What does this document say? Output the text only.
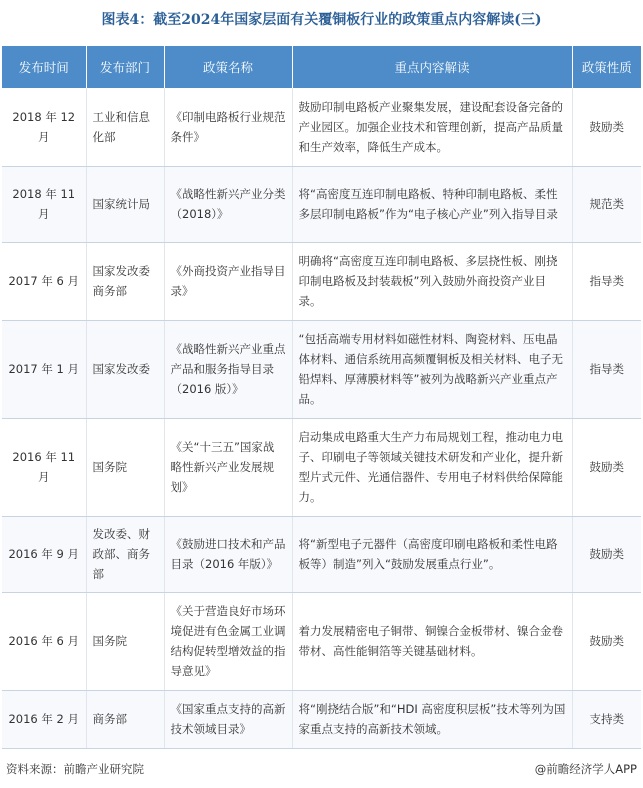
图表4：截至2024年国家层面有关覆铜板行业的政策重点内容解读(三)
发布时间	发布部门	政策名称	重点内容解读	政策性质
2018 年 12 月	工业和信息化部	《印制电路板行业规范条件》	鼓励印制电路板产业聚集发展，建设配套设备完备的产业园区。加强企业技术和管理创新，提高产品质量和生产效率，降低生产成本。	鼓励类
2018 年 11 月	国家统计局	《战略性新兴产业分类（2018）》	将“高密度互连印制电路板、特种印制电路板、柔性多层印制电路板”作为“电子核心产业”列入指导目录	规范类
2017 年 6 月	国家发改委商务部	《外商投资产业指导目录》	明确将“高密度互连印制电路板、多层挠性板、刚挠印制电路板及封装载板”列入鼓励外商投资产业目录。	指导类
2017 年 1 月	国家发改委	《战略性新兴产业重点产品和服务指导目录（2016 版）》	“包括高端专用材料如磁性材料、陶瓷材料、压电晶体材料、通信系统用高频覆铜板及相关材料、电子无铅焊料、厚薄膜材料等”被列为战略新兴产业重点产品。	指导类
2016 年 11 月	国务院	《关“十三五”国家战略性新兴产业发展规划》	启动集成电路重大生产力布局规划工程，推动电力电子、印刷电子等领域关键技术研发和产业化，提升新型片式元件、光通信器件、专用电子材料供给保障能力。	鼓励类
2016 年 9 月	发改委、财政部、商务部	《鼓励进口技术和产品目录（2016 年版）》	将“新型电子元器件（高密度印刷电路板和柔性电路板等）制造”列入“鼓励发展重点行业”。	鼓励类
2016 年 6 月	国务院	《关于营造良好市场环境促进有色金属工业调结构促转型增效益的指导意见》	着力发展精密电子铜带、铜镍合金板带材、镍合金卷带材、高性能铜箔等关键基础材料。	鼓励类
2016 年 2 月	商务部	《国家重点支持的高新技术领域目录》	将“刚挠结合版”和“HDI 高密度积层板”技术等列为国家重点支持的高新技术领域。	支持类
资料来源：前瞻产业研究院	@前瞻经济学人APP
